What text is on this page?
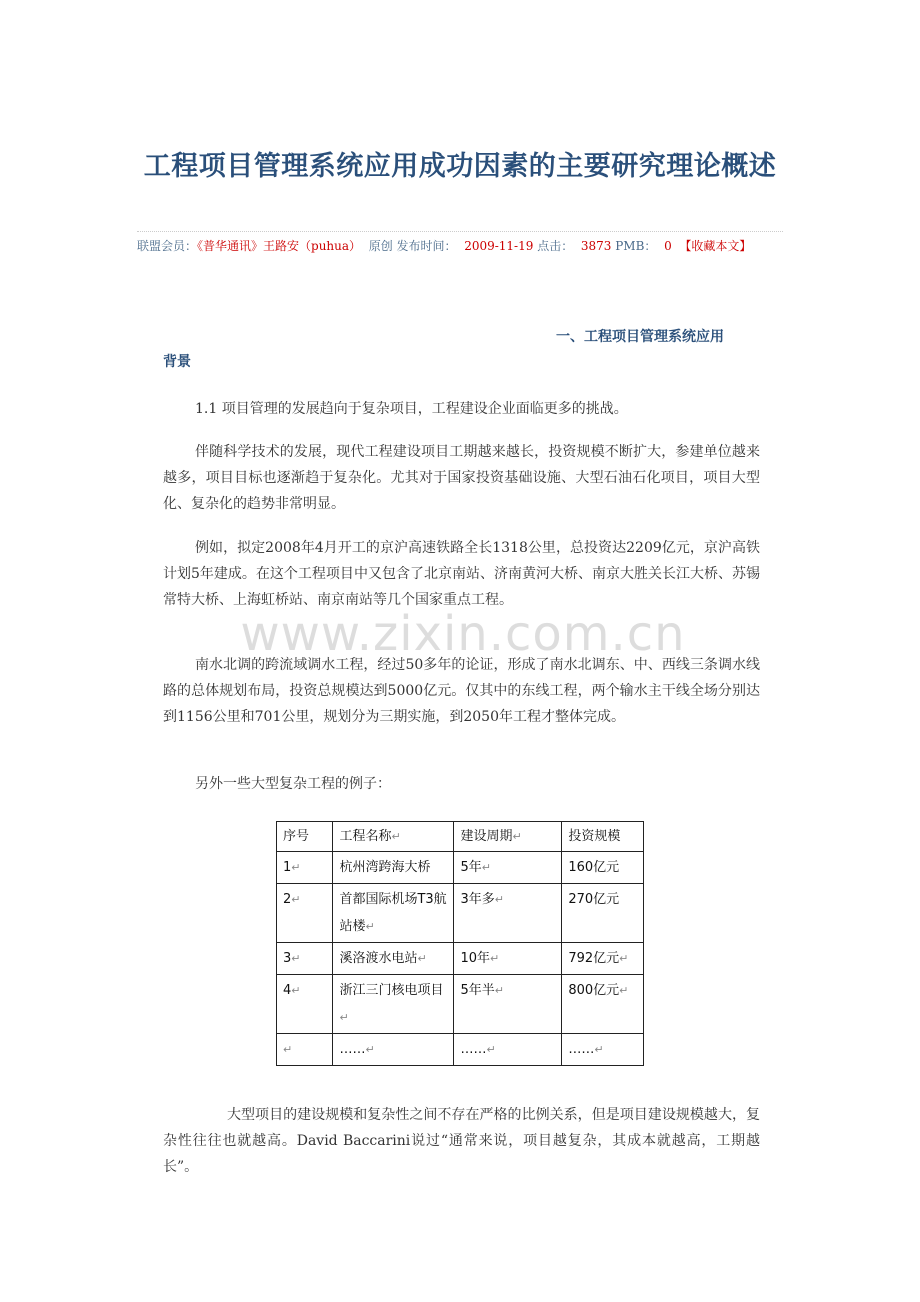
工程项目管理系统应用成功因素的主要研究理论概述
联盟会员：《普华通讯》王路安（puhua） 原创 发布时间： 2009-11-19 点击： 3873 PMB： 0 【收藏本文】
一、工程项目管理系统应用
背景

1.1 项目管理的发展趋向于复杂项目，工程建设企业面临更多的挑战。

伴随科学技术的发展，现代工程建设项目工期越来越长，投资规模不断扩大，参建单位越来越多，项目目标也逐渐趋于复杂化。尤其对于国家投资基础设施、大型石油石化项目，项目大型化、复杂化的趋势非常明显。

例如，拟定2008年4月开工的京沪高速铁路全长1318公里，总投资达2209亿元，京沪高铁计划5年建成。在这个工程项目中又包含了北京南站、济南黄河大桥、南京大胜关长江大桥、苏锡常特大桥、上海虹桥站、南京南站等几个国家重点工程。

www.zixin.com.cn

南水北调的跨流域调水工程，经过50多年的论证，形成了南水北调东、中、西线三条调水线路的总体规划布局，投资总规模达到5000亿元。仅其中的东线工程，两个输水主干线全场分别达到1156公里和701公里，规划分为三期实施，到2050年工程才整体完成。

另外一些大型复杂工程的例子：

序号	工程名称↵	建设周期↵	投资规模
1↵	杭州湾跨海大桥	5年↵	160亿元
2↵	首都国际机场T3航站楼↵	3年多↵	270亿元
3↵	溪洛渡水电站↵	10年↵	792亿元↵
4↵	浙江三门核电项目↵	5年半↵	800亿元↵
↵	……↵	……↵	……↵

大型项目的建设规模和复杂性之间不存在严格的比例关系，但是项目建设规模越大，复杂性往往也就越高。David Baccarini说过“通常来说，项目越复杂，其成本就越高，工期越长”。
